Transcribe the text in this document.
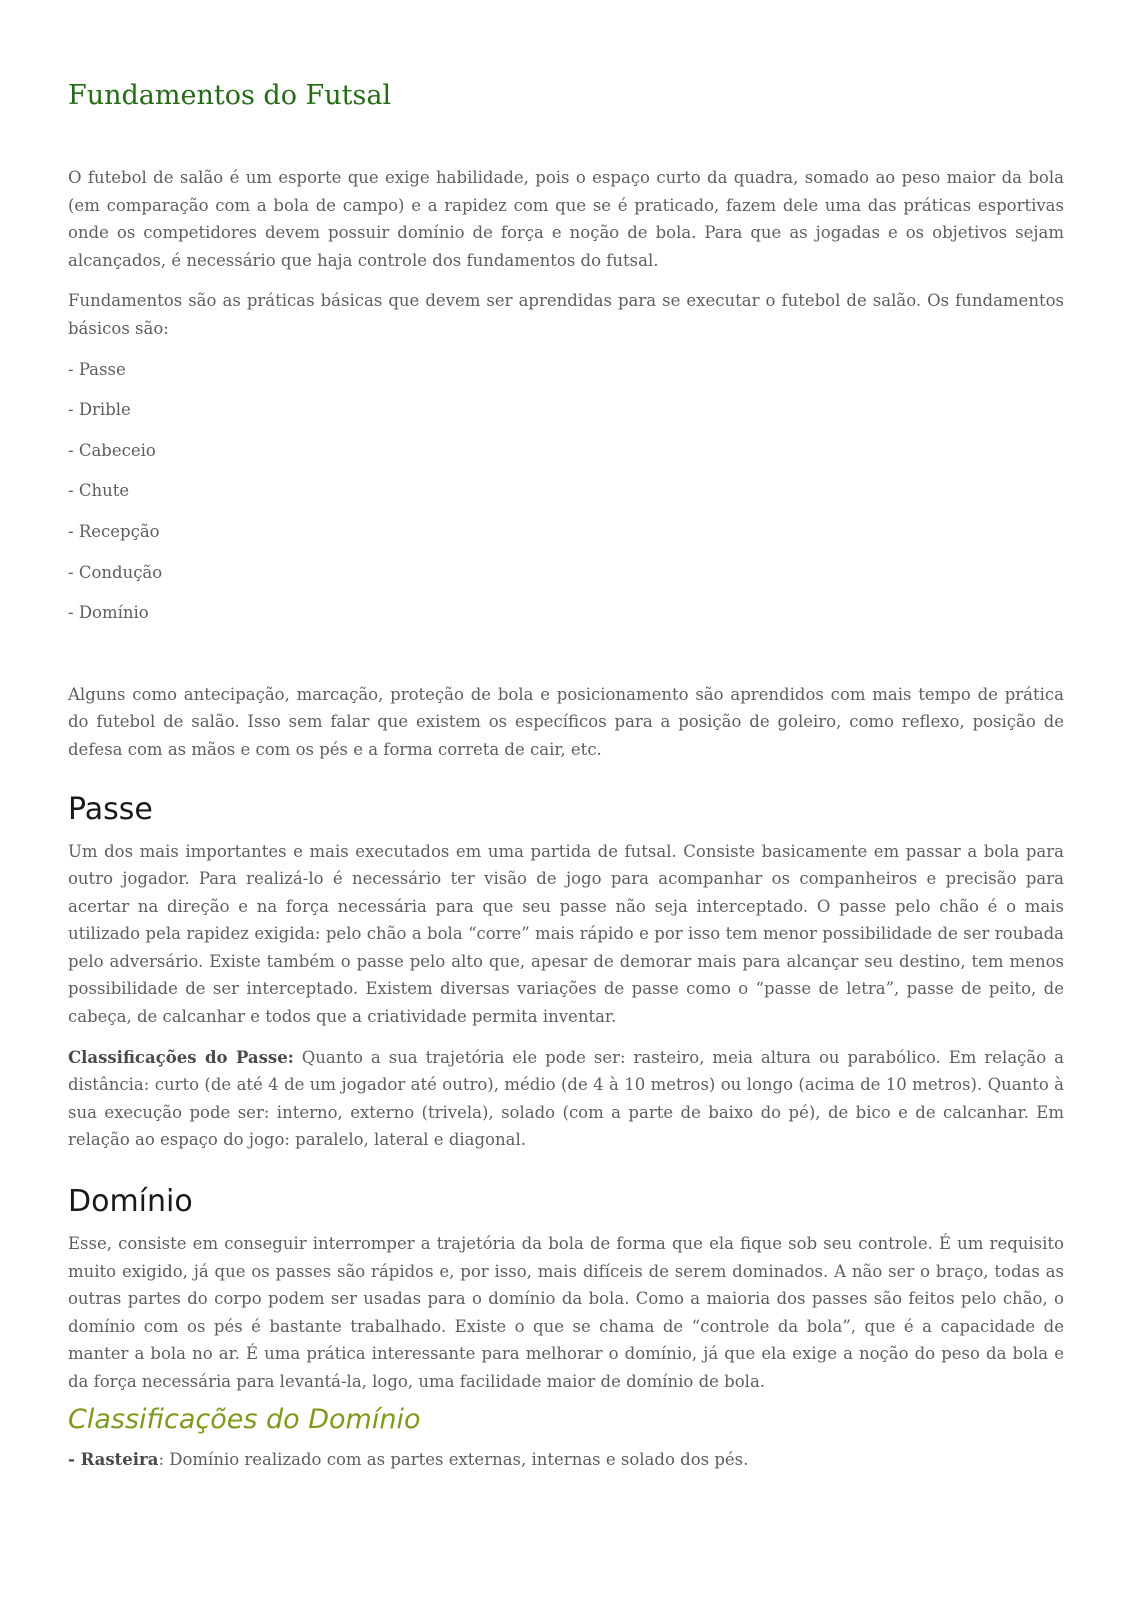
Fundamentos do Futsal

O futebol de salão é um esporte que exige habilidade, pois o espaço curto da quadra, somado ao peso maior da bola (em comparação com a bola de campo) e a rapidez com que se é praticado, fazem dele uma das práticas esportivas onde os competidores devem possuir domínio de força e noção de bola. Para que as jogadas e os objetivos sejam alcançados, é necessário que haja controle dos fundamentos do futsal.

Fundamentos são as práticas básicas que devem ser aprendidas para se executar o futebol de salão. Os fundamentos básicos são:

- Passe
- Drible
- Cabeceio
- Chute
- Recepção
- Condução
- Domínio

Alguns como antecipação, marcação, proteção de bola e posicionamento são aprendidos com mais tempo de prática do futebol de salão. Isso sem falar que existem os específicos para a posição de goleiro, como reflexo, posição de defesa com as mãos e com os pés e a forma correta de cair, etc.

Passe

Um dos mais importantes e mais executados em uma partida de futsal. Consiste basicamente em passar a bola para outro jogador. Para realizá-lo é necessário ter visão de jogo para acompanhar os companheiros e precisão para acertar na direção e na força necessária para que seu passe não seja interceptado. O passe pelo chão é o mais utilizado pela rapidez exigida: pelo chão a bola “corre” mais rápido e por isso tem menor possibilidade de ser roubada pelo adversário. Existe também o passe pelo alto que, apesar de demorar mais para alcançar seu destino, tem menos possibilidade de ser interceptado. Existem diversas variações de passe como o “passe de letra”, passe de peito, de cabeça, de calcanhar e todos que a criatividade permita inventar.

Classificações do Passe: Quanto a sua trajetória ele pode ser: rasteiro, meia altura ou parabólico. Em relação a distância: curto (de até 4 de um jogador até outro), médio (de 4 à 10 metros) ou longo (acima de 10 metros). Quanto à sua execução pode ser: interno, externo (trivela), solado (com a parte de baixo do pé), de bico e de calcanhar. Em relação ao espaço do jogo: paralelo, lateral e diagonal.

Domínio

Esse, consiste em conseguir interromper a trajetória da bola de forma que ela fique sob seu controle. É um requisito muito exigido, já que os passes são rápidos e, por isso, mais difíceis de serem dominados. A não ser o braço, todas as outras partes do corpo podem ser usadas para o domínio da bola. Como a maioria dos passes são feitos pelo chão, o domínio com os pés é bastante trabalhado. Existe o que se chama de “controle da bola”, que é a capacidade de manter a bola no ar. É uma prática interessante para melhorar o domínio, já que ela exige a noção do peso da bola e da força necessária para levantá-la, logo, uma facilidade maior de domínio de bola.

Classificações do Domínio

- Rasteira: Domínio realizado com as partes externas, internas e solado dos pés.
